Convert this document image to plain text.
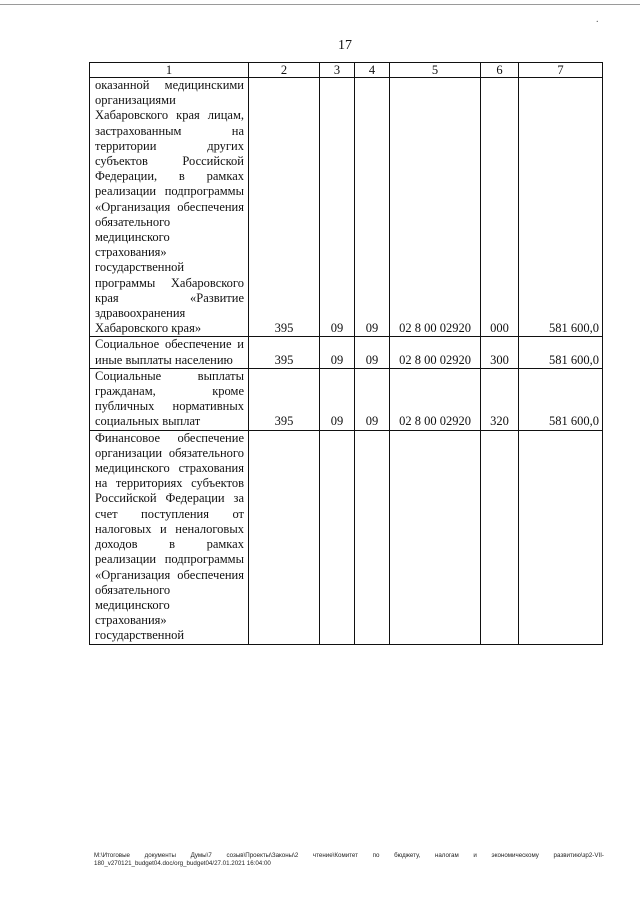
.
17
1	2	3	4	5	6	7
оказанной медицинскими организациями Хабаровского края лицам, застрахованным на территории других субъектов Российской Федерации, в рамках реализации подпрограммы «Организация обеспечения обязательного медицинского страхования» государственной программы Хабаровского края «Развитие здравоохранения Хабаровского края»	395	09	09	02 8 00 02920	000	581 600,0
Социальное обеспечение и иные выплаты населению	395	09	09	02 8 00 02920	300	581 600,0
Социальные выплаты гражданам, кроме публичных нормативных социальных выплат	395	09	09	02 8 00 02920	320	581 600,0
Финансовое обеспечение организации обязательного медицинского страхования на территориях субъектов Российской Федерации за счет поступления от налоговых и неналоговых доходов в рамках реализации подпрограммы «Организация обеспечения обязательного медицинского страхования» государственной						
M:\Итоговые документы Думы\7 созыв\Проекты\Законы\2 чтение\Комитет по бюджету, налогам и экономическому развитию\зр2-VII-180_v270121_budget04.doc/org_budget04/27.01.2021 16:04:00
